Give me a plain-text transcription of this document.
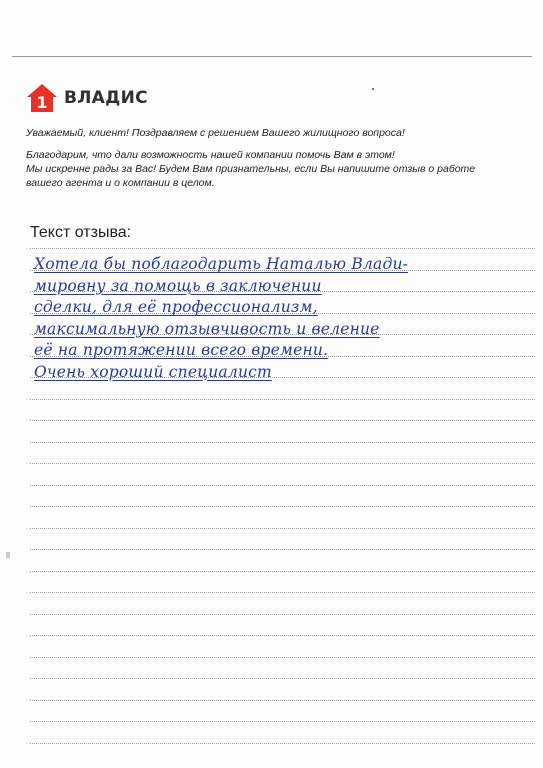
1 ВЛАДИС

Уважаемый, клиент! Поздравляем с решением Вашего жилищного вопроса!

Благодарим, что дали возможность нашей компании помочь Вам в этом!
Мы искренне рады за Вас! Будем Вам признательны, если Вы напишите отзыв о работе
вашего агента и о компании в целом.

Текст отзыва:
Хотела бы поблагодарить Наталью Влади-
мировну за помощь в заключении
сделки, для её профессионализм,
максимальную отзывчивость и веление
её на протяжении всего времени.
Очень хороший специалист
